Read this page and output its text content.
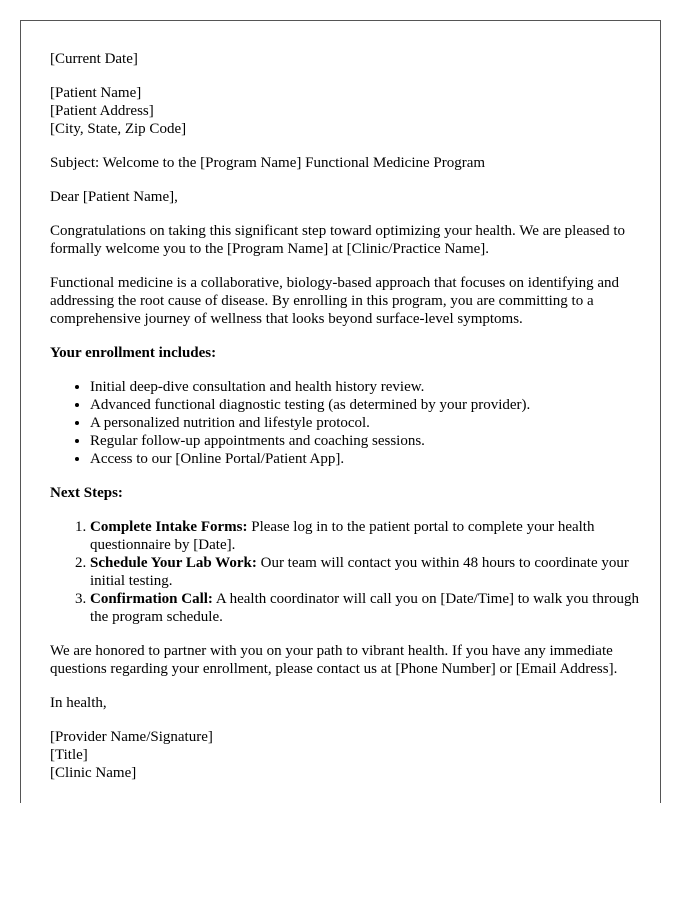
[Current Date]

[Patient Name]
[Patient Address]
[City, State, Zip Code]

Subject: Welcome to the [Program Name] Functional Medicine Program

Dear [Patient Name],

Congratulations on taking this significant step toward optimizing your health. We are pleased to formally welcome you to the [Program Name] at [Clinic/Practice Name].

Functional medicine is a collaborative, biology-based approach that focuses on identifying and addressing the root cause of disease. By enrolling in this program, you are committing to a comprehensive journey of wellness that looks beyond surface-level symptoms.

Your enrollment includes:

• Initial deep-dive consultation and health history review.
• Advanced functional diagnostic testing (as determined by your provider).
• A personalized nutrition and lifestyle protocol.
• Regular follow-up appointments and coaching sessions.
• Access to our [Online Portal/Patient App].

Next Steps:

1. Complete Intake Forms: Please log in to the patient portal to complete your health questionnaire by [Date].
2. Schedule Your Lab Work: Our team will contact you within 48 hours to coordinate your initial testing.
3. Confirmation Call: A health coordinator will call you on [Date/Time] to walk you through the program schedule.

We are honored to partner with you on your path to vibrant health. If you have any immediate questions regarding your enrollment, please contact us at [Phone Number] or [Email Address].

In health,

[Provider Name/Signature]
[Title]
[Clinic Name]
